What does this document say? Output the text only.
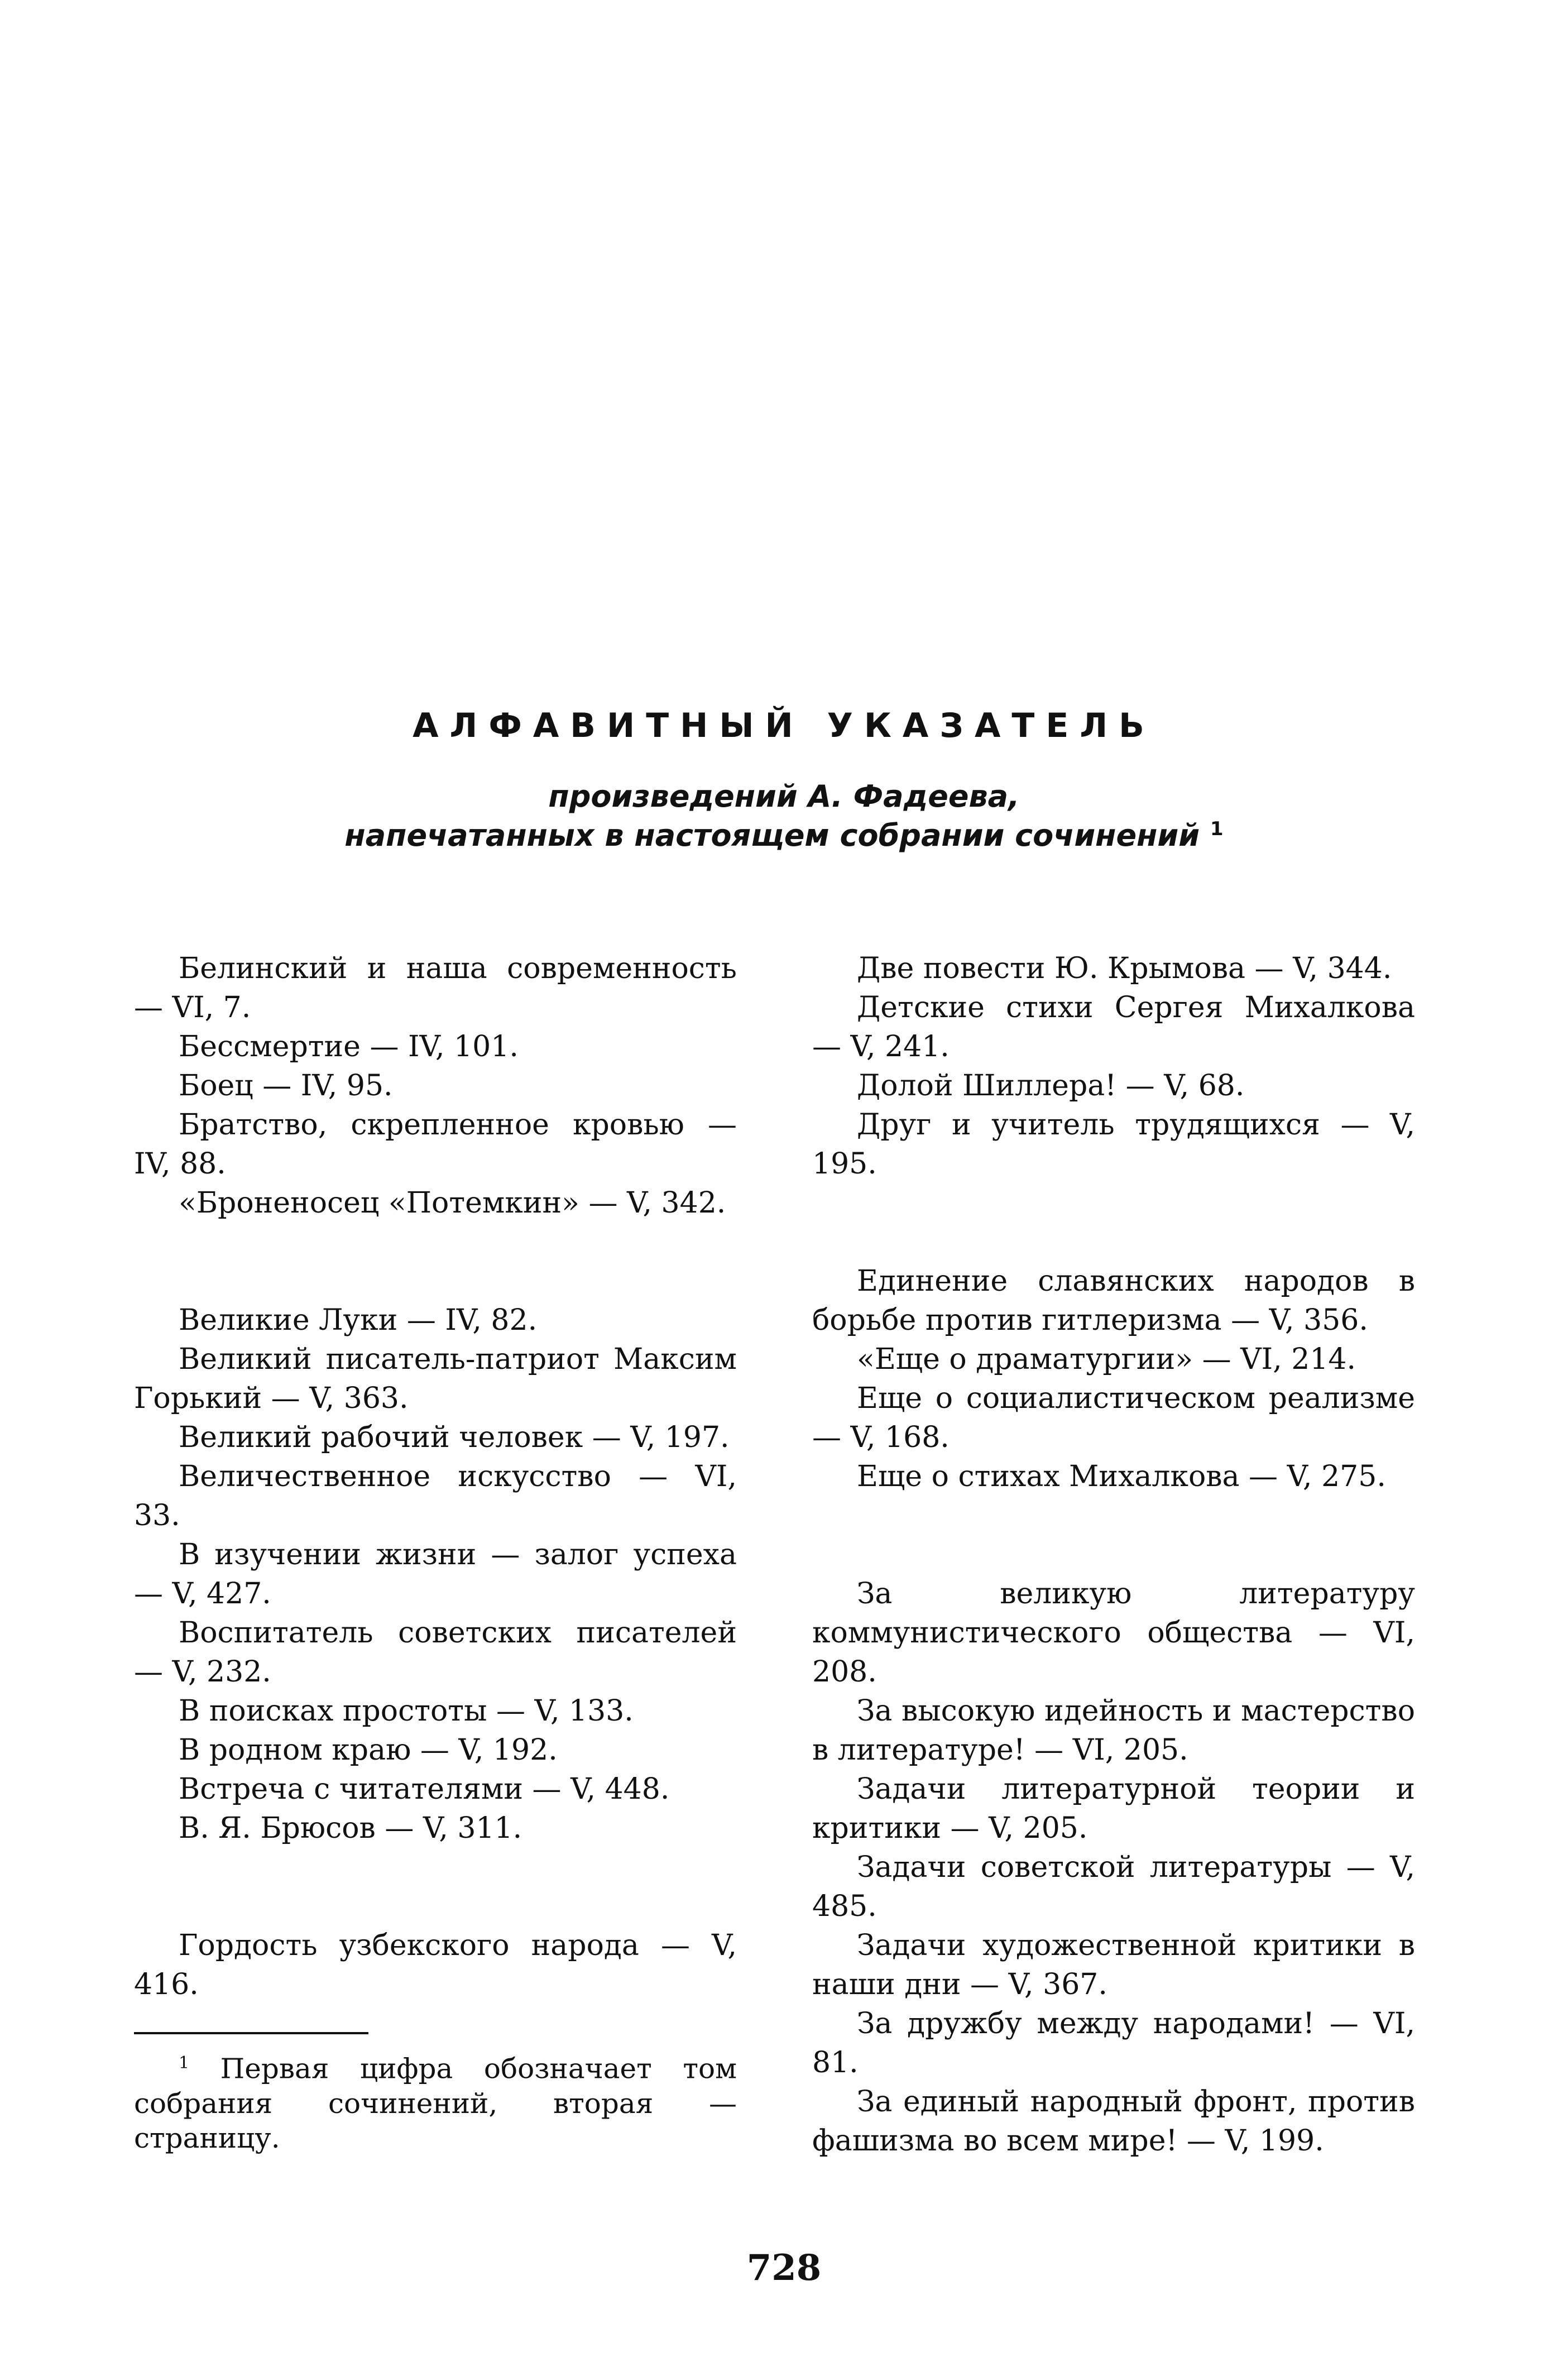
АЛФАВИТНЫЙ УКАЗАТЕЛЬ
произведений А. Фадеева,
напечатанных в настоящем собрании сочинений $^1$

Белинский и наша современность — VI, 7.

Бессмертие — IV, 101.

Боец — IV, 95.

Братство, скрепленное кровью — IV, 88.

«Броненосец «Потемкин» — V, 342.

Великие Луки — IV, 82.

Великий писатель-патриот Максим Горький — V, 363.

Великий рабочий человек — V, 197.

Величественное искусство — VI, 33.

В изучении жизни — залог успеха — V, 427.

Воспитатель советских писателей — V, 232.

В поисках простоты — V, 133.

В родном краю — V, 192.

Встреча с читателями — V, 448.

В. Я. Брюсов — V, 311.

Гордость узбекского народа — V, 416.

Две повести Ю. Крымова — V, 344.

Детские стихи Сергея Михалкова — V, 241.

Долой Шиллера! — V, 68.

Друг и учитель трудящихся — V, 195.

Единение славянских народов в борьбе против гитлеризма — V, 356.

«Еще о драматургии» — VI, 214.

Еще о социалистическом реализме — V, 168.

Еще о стихах Михалкова — V, 275.

За великую литературу коммунистического общества — VI, 208.

За высокую идейность и мастерство в литературе! — VI, 205.

Задачи литературной теории и критики — V, 205.

Задачи советской литературы — V, 485.

Задачи художественной критики в наши дни — V, 367.

За дружбу между народами! — VI, 81.

За единый народный фронт, против фашизма во всем мире! — V, 199.

$^1$ Первая цифра обозначает том собрания сочинений, вторая — страницу.
728
